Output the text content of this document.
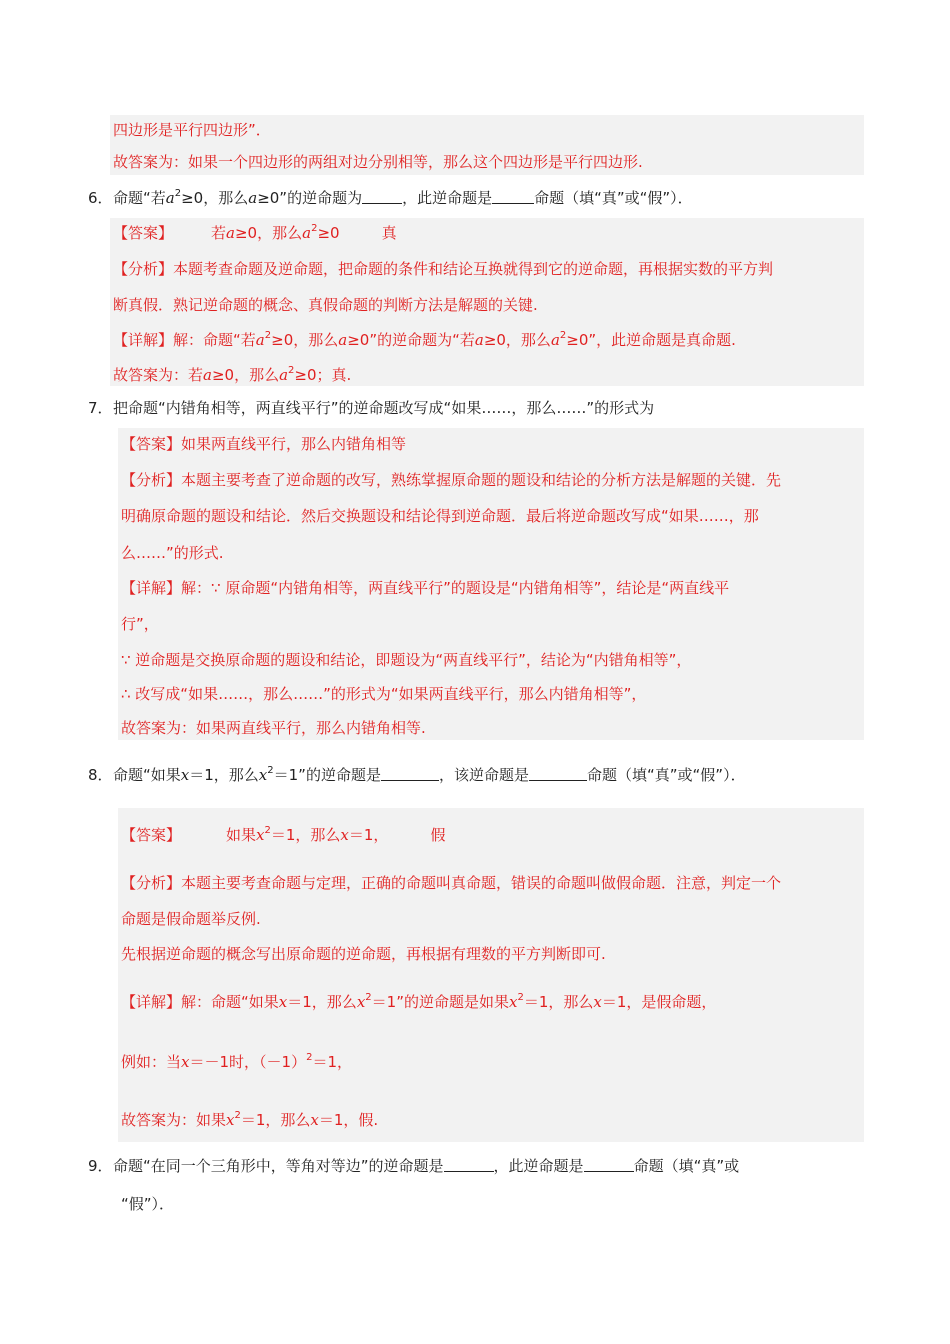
四边形是平行四边形”．
故答案为：如果一个四边形的两组对边分别相等，那么这个四边形是平行四边形.
6． 命题“若$a^2\ge 0$，那么a≥0”的逆命题为	，此逆命题是	命题（填“真”或“假”）．
【答案】	若a≥0，那么$a^2\ge 0$	真
【分析】本题考查命题及逆命题，把命题的条件和结论互换就得到它的逆命题，再根据实数的平方判
断真假．熟记逆命题的概念、真假命题的判断方法是解题的关键.
【详解】解：命题“若$a^2\ge 0$，那么a≥0”的逆命题为“若a≥0，那么$a^2\ge 0$”，此逆命题是真命题.
故答案为：若a≥0，那么$a^2\ge 0$；真.
7． 把命题“内错角相等，两直线平行”的逆命题改写成“如果……，那么……”的形式为
【答案】如果两直线平行，那么内错角相等
【分析】本题主要考查了逆命题的改写，熟练掌握原命题的题设和结论的分析方法是解题的关键．先
明确原命题的题设和结论．然后交换题设和结论得到逆命题．最后将逆命题改写成“如果……，那
么……”的形式.
【详解】解：∵ 原命题“内错角相等，两直线平行”的题设是“内错角相等”，结论是“两直线平
行”，
∵ 逆命题是交换原命题的题设和结论，即题设为“两直线平行”，结论为“内错角相等”，
∴ 改写成“如果……，那么……”的形式为“如果两直线平行，那么内错角相等”，
故答案为：如果两直线平行，那么内错角相等.
8． 命题“如果x＝1，那么$x^2=1$”的逆命题是	，该逆命题是	命题（填“真”或“假”）．
【答案】	如果$x^2=1$，那么x＝1，	假
【分析】本题主要考查命题与定理，正确的命题叫真命题，错误的命题叫做假命题．注意，判定一个
命题是假命题举反例.
先根据逆命题的概念写出原命题的逆命题，再根据有理数的平方判断即可.
【详解】解：命题“如果x＝1，那么$x^2=1$”的逆命题是如果$x^2=1$，那么x＝1，是假命题，
例如：当x＝－1时，$(-1)^2=1$，
故答案为：如果$x^2=1$，那么x＝1，假.
9． 命题“在同一个三角形中，等角对等边”的逆命题是	，此逆命题是	命题（填“真”或
“假”）．
